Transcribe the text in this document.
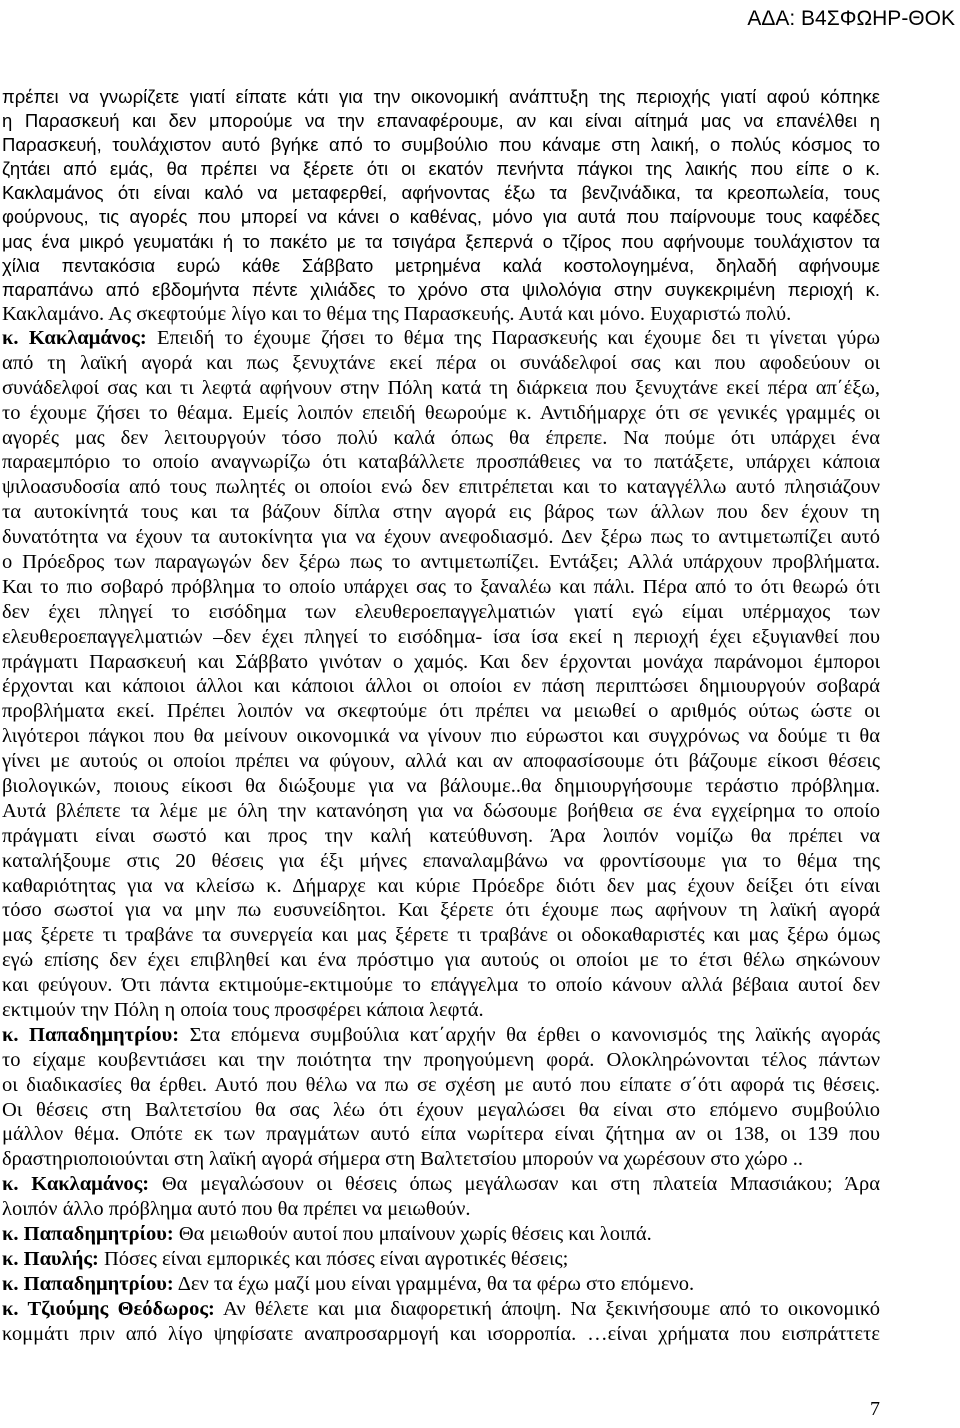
ΑΔΑ: Β4ΣΦΩΗΡ-ΘΟΚ
πρέπει να γνωρίζετε γιατί είπατε κάτι για την οικονομική ανάπτυξη της περιοχής γιατί αφού κόπηκε
η Παρασκευή και δεν μπορούμε να την επαναφέρουμε, αν και είναι αίτημά μας να επανέλθει η
Παρασκευή, τουλάχιστον αυτό βγήκε από το συμβούλιο που κάναμε στη λαική, ο πολύς κόσμος το
ζητάει από εμάς, θα πρέπει να ξέρετε ότι οι εκατόν πενήντα πάγκοι της λαικής που είπε ο κ.
Κακλαμάνος ότι είναι καλό να μεταφερθεί, αφήνοντας έξω τα βενζινάδικα, τα κρεοπωλεία, τους
φούρνους, τις αγορές που μπορεί να κάνει ο καθένας, μόνο για αυτά που παίρνουμε τους καφέδες
μας ένα μικρό γευματάκι ή το πακέτο με τα τσιγάρα ξεπερνά ο τζίρος που αφήνουμε τουλάχιστον τα
χίλια πεντακόσια ευρώ κάθε Σάββατο μετρημένα καλά κοστολογημένα, δηλαδή αφήνουμε
παραπάνω από εβδομήντα πέντε χιλιάδες το χρόνο στα ψιλολόγια στην συγκεκριμένη περιοχή κ.
Κακλαμάνο. Ας σκεφτούμε λίγο και το θέμα της Παρασκευής. Αυτά και μόνο. Ευχαριστώ πολύ.
κ. Κακλαμάνος: Επειδή το έχουμε ζήσει το θέμα της Παρασκευής και έχουμε δει τι γίνεται γύρω
από τη λαϊκή αγορά και πως ξενυχτάνε εκεί πέρα οι συνάδελφοί σας και που αφοδεύουν οι
συνάδελφοί σας και τι λεφτά αφήνουν στην Πόλη κατά τη διάρκεια που ξενυχτάνε εκεί πέρα απ΄έξω,
το έχουμε ζήσει το θέαμα. Εμείς λοιπόν επειδή θεωρούμε κ. Αντιδήμαρχε ότι σε γενικές γραμμές οι
αγορές μας δεν λειτουργούν τόσο πολύ καλά όπως θα έπρεπε. Να πούμε ότι υπάρχει ένα
παραεμπόριο το οποίο αναγνωρίζω ότι καταβάλλετε προσπάθειες να το πατάξετε, υπάρχει κάποια
ψιλοασυδοσία από τους πωλητές οι οποίοι ενώ δεν επιτρέπεται και το καταγγέλλω αυτό πλησιάζουν
τα αυτοκίνητά τους και τα βάζουν δίπλα στην αγορά εις βάρος των άλλων που δεν έχουν τη
δυνατότητα να έχουν τα αυτοκίνητα για να έχουν ανεφοδιασμό. Δεν ξέρω πως το αντιμετωπίζει αυτό
ο Πρόεδρος των παραγωγών δεν ξέρω πως το αντιμετωπίζει. Εντάξει; Αλλά υπάρχουν προβλήματα.
Και το πιο σοβαρό πρόβλημα το οποίο υπάρχει σας το ξαναλέω και πάλι. Πέρα από το ότι θεωρώ ότι
δεν έχει πληγεί το εισόδημα των ελευθεροεπαγγελματιών γιατί εγώ είμαι υπέρμαχος των
ελευθεροεπαγγελματιών –δεν έχει πληγεί το εισόδημα- ίσα ίσα εκεί η περιοχή έχει εξυγιανθεί που
πράγματι Παρασκευή και Σάββατο γινόταν ο χαμός. Και δεν έρχονται μονάχα παράνομοι έμποροι
έρχονται και κάποιοι άλλοι και κάποιοι άλλοι οι οποίοι εν πάση περιπτώσει δημιουργούν σοβαρά
προβλήματα εκεί. Πρέπει λοιπόν να σκεφτούμε ότι πρέπει να μειωθεί ο αριθμός ούτως ώστε οι
λιγότεροι πάγκοι που θα μείνουν οικονομικά να γίνουν πιο εύρωστοι και συγχρόνως να δούμε τι θα
γίνει με αυτούς οι οποίοι πρέπει να φύγουν, αλλά και αν αποφασίσουμε ότι βάζουμε είκοσι θέσεις
βιολογικών, ποιους είκοσι θα διώξουμε για να βάλουμε..θα δημιουργήσουμε τεράστιο πρόβλημα.
Αυτά βλέπετε τα λέμε με όλη την κατανόηση για να δώσουμε βοήθεια σε ένα εγχείρημα το οποίο
πράγματι είναι σωστό και προς την καλή κατεύθυνση. Άρα λοιπόν νομίζω θα πρέπει να
καταλήξουμε στις 20 θέσεις για έξι μήνες επαναλαμβάνω να φροντίσουμε για το θέμα της
καθαριότητας για να κλείσω κ. Δήμαρχε και κύριε Πρόεδρε διότι δεν μας έχουν δείξει ότι είναι
τόσο σωστοί για να μην πω ευσυνείδητοι. Και ξέρετε ότι έχουμε πως αφήνουν τη λαϊκή αγορά
μας ξέρετε τι τραβάνε τα συνεργεία και μας ξέρετε τι τραβάνε οι οδοκαθαριστές και μας ξέρω όμως
εγώ επίσης δεν έχει επιβληθεί και ένα πρόστιμο για αυτούς οι οποίοι με το έτσι θέλω σηκώνουν
και φεύγουν. Ότι πάντα εκτιμούμε-εκτιμούμε το επάγγελμα το οποίο κάνουν αλλά βέβαια αυτοί δεν
εκτιμούν την Πόλη η οποία τους προσφέρει κάποια λεφτά.
κ. Παπαδημητρίου: Στα επόμενα συμβούλια κατ΄αρχήν θα έρθει ο κανονισμός της λαϊκής αγοράς
το είχαμε κουβεντιάσει και την ποιότητα την προηγούμενη φορά. Ολοκληρώνονται τέλος πάντων
οι διαδικασίες θα έρθει. Αυτό που θέλω να πω σε σχέση με αυτό που είπατε σ΄ότι αφορά τις θέσεις.
Οι θέσεις στη Βαλτετσίου θα σας λέω ότι έχουν μεγαλώσει θα είναι στο επόμενο συμβούλιο
μάλλον θέμα. Οπότε εκ των πραγμάτων αυτό είπα νωρίτερα είναι ζήτημα αν οι 138, οι 139 που
δραστηριοποιούνται στη λαϊκή αγορά σήμερα στη Βαλτετσίου μπορούν να χωρέσουν στο χώρο ..
κ. Κακλαμάνος: Θα μεγαλώσουν οι θέσεις όπως μεγάλωσαν και στη πλατεία Μπασιάκου; Άρα
λοιπόν άλλο πρόβλημα αυτό που θα πρέπει να μειωθούν.
κ. Παπαδημητρίου: Θα μειωθούν αυτοί που μπαίνουν χωρίς θέσεις και λοιπά.
κ. Παυλής: Πόσες είναι εμπορικές και πόσες είναι αγροτικές θέσεις;
κ. Παπαδημητρίου: Δεν τα έχω μαζί μου είναι γραμμένα, θα τα φέρω στο επόμενο.
κ. Τζιούμης Θεόδωρος: Αν θέλετε και μια διαφορετική άποψη. Να ξεκινήσουμε από το οικονομικό
κομμάτι πριν από λίγο ψηφίσατε αναπροσαρμογή και ισορροπία. …είναι χρήματα που εισπράττετε
7
